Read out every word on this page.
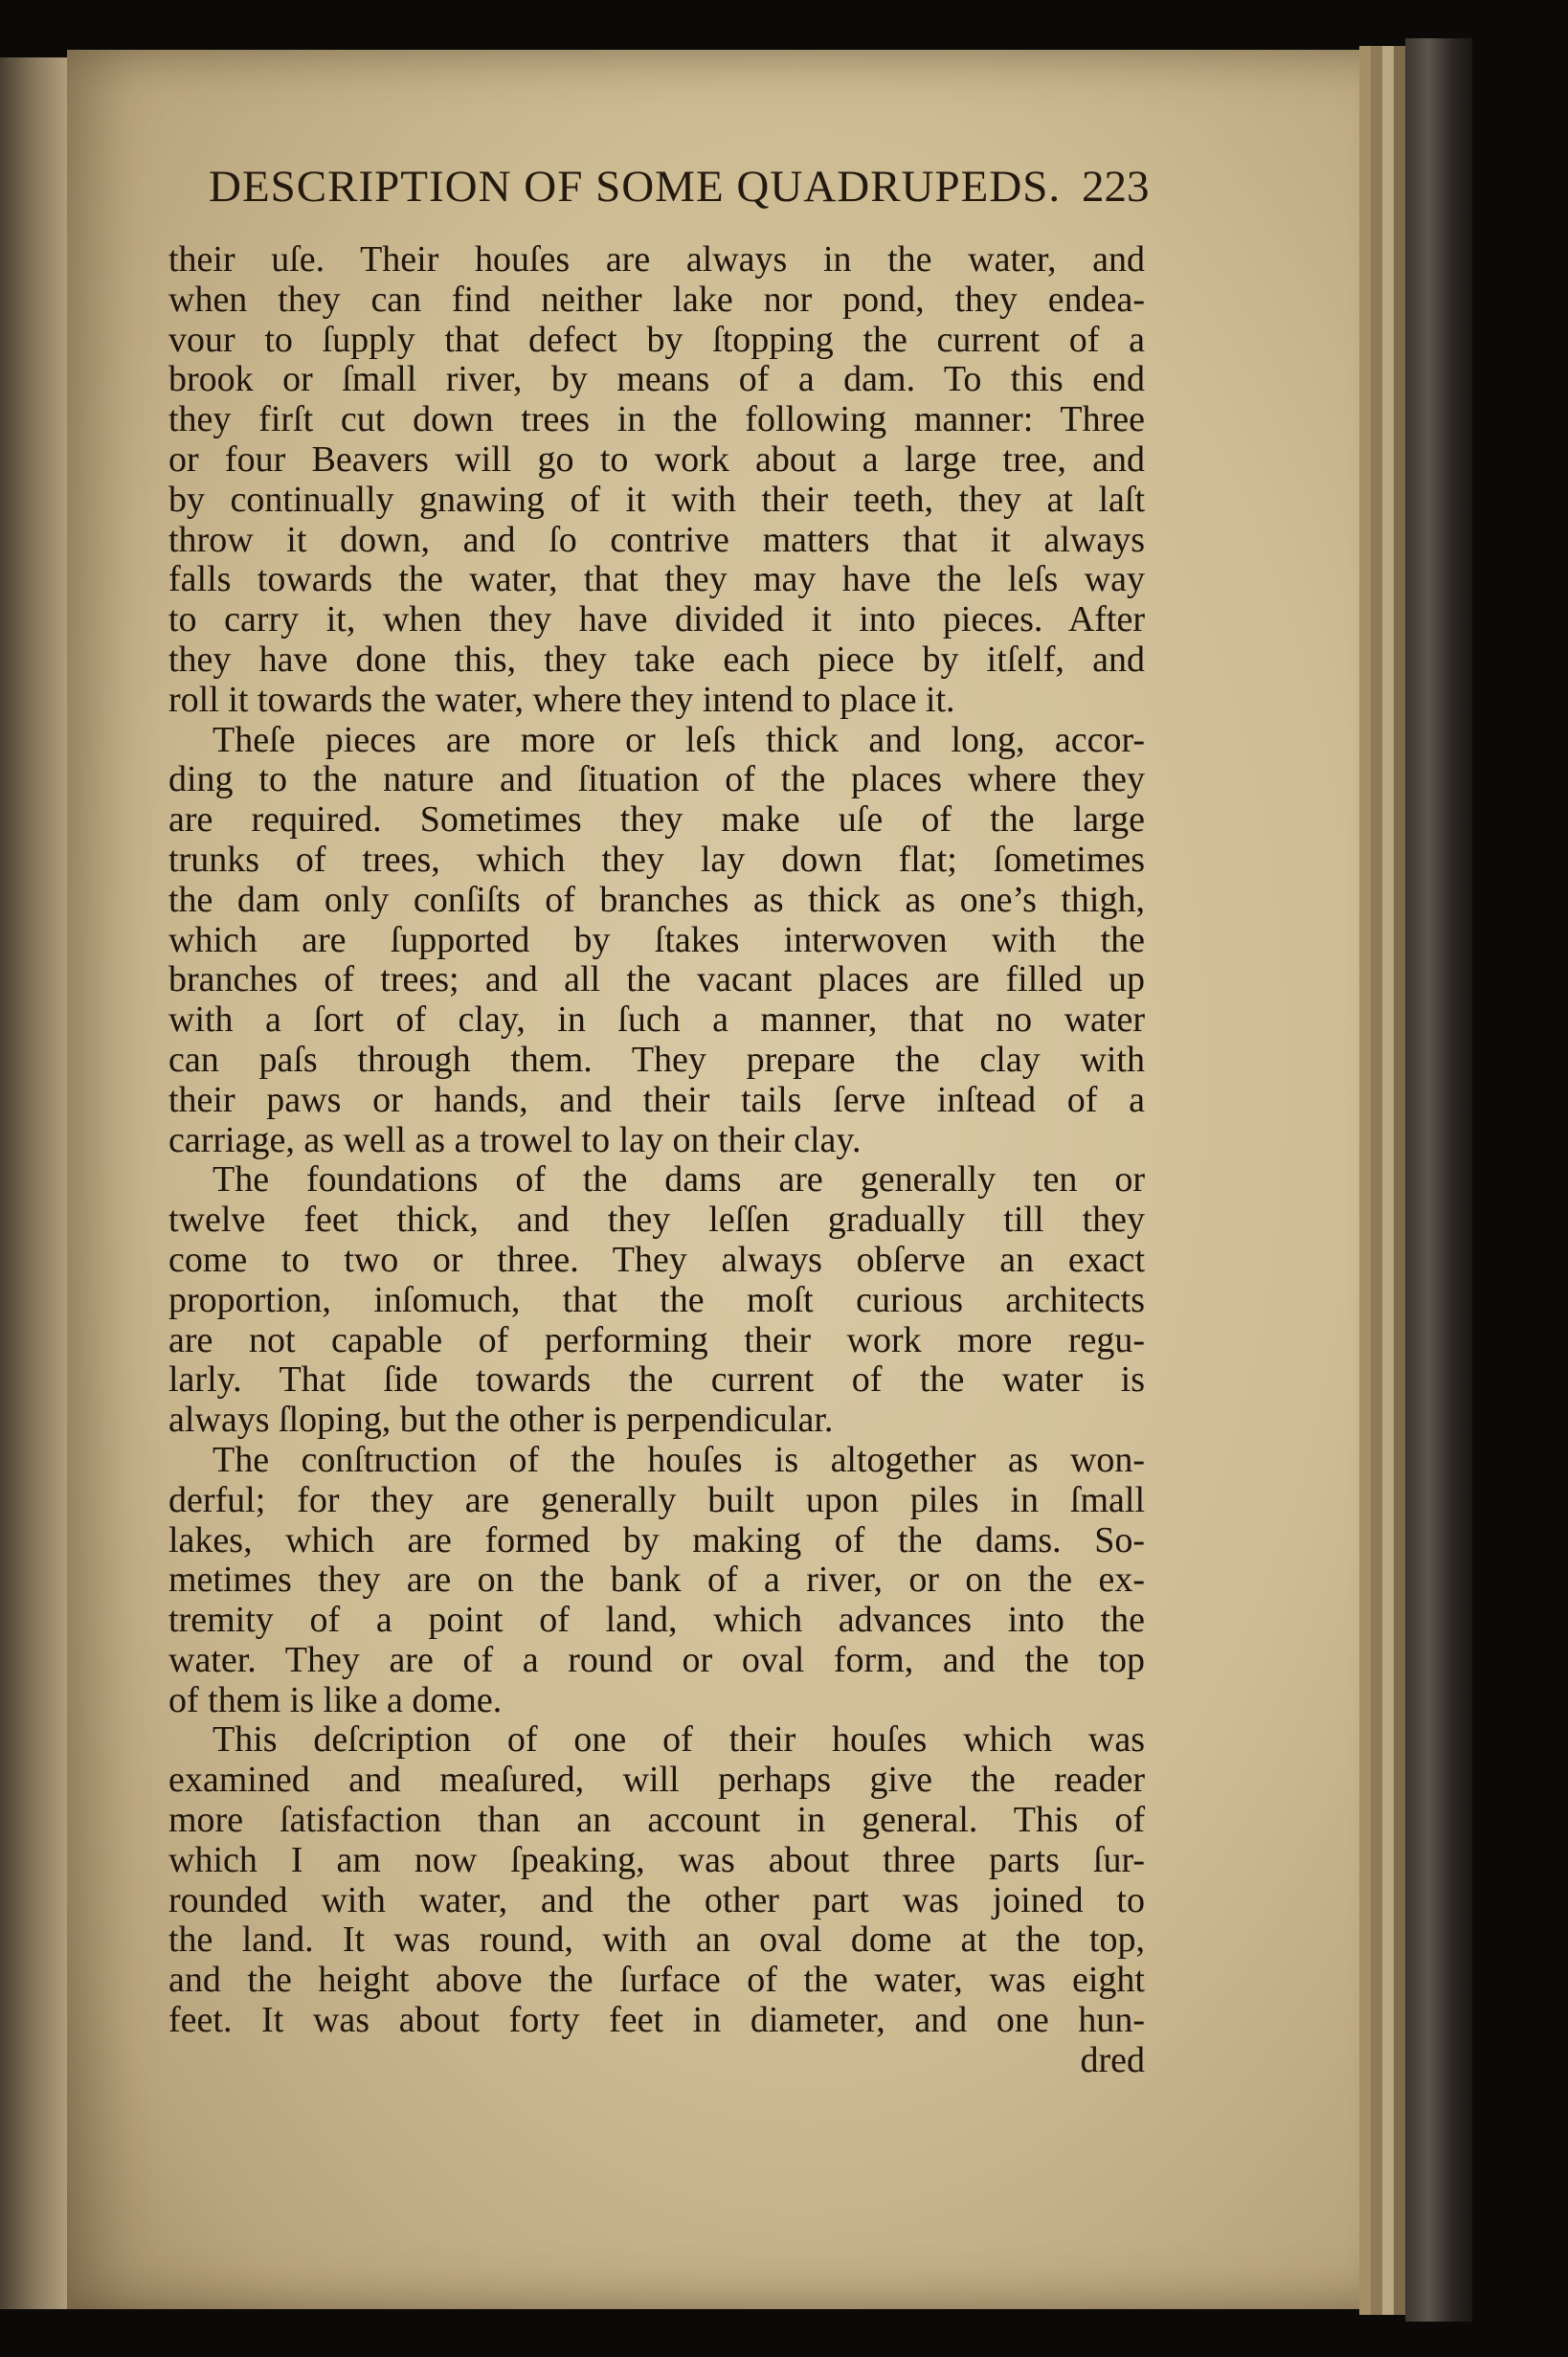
DESCRIPTION OF SOME QUADRUPEDS. 223
their uſe. Their houſes are always in the water, and
when they can find neither lake nor pond, they endea-
vour to ſupply that defect by ſtopping the current of a
brook or ſmall river, by means of a dam. To this end
they firſt cut down trees in the following manner: Three
or four Beavers will go to work about a large tree, and
by continually gnawing of it with their teeth, they at laſt
throw it down, and ſo contrive matters that it always
falls towards the water, that they may have the leſs way
to carry it, when they have divided it into pieces. After
they have done this, they take each piece by itſelf, and
roll it towards the water, where they intend to place it.
Theſe pieces are more or leſs thick and long, accor-
ding to the nature and ſituation of the places where they
are required. Sometimes they make uſe of the large
trunks of trees, which they lay down flat; ſometimes
the dam only conſiſts of branches as thick as one’s thigh,
which are ſupported by ſtakes interwoven with the
branches of trees; and all the vacant places are filled up
with a ſort of clay, in ſuch a manner, that no water
can paſs through them. They prepare the clay with
their paws or hands, and their tails ſerve inſtead of a
carriage, as well as a trowel to lay on their clay.
The foundations of the dams are generally ten or
twelve feet thick, and they leſſen gradually till they
come to two or three. They always obſerve an exact
proportion, inſomuch, that the moſt curious architects
are not capable of performing their work more regu-
larly. That ſide towards the current of the water is
always ſloping, but the other is perpendicular.
The conſtruction of the houſes is altogether as won-
derful; for they are generally built upon piles in ſmall
lakes, which are formed by making of the dams. So-
metimes they are on the bank of a river, or on the ex-
tremity of a point of land, which advances into the
water. They are of a round or oval form, and the top
of them is like a dome.
This deſcription of one of their houſes which was
examined and meaſured, will perhaps give the reader
more ſatisfaction than an account in general. This of
which I am now ſpeaking, was about three parts ſur-
rounded with water, and the other part was joined to
the land. It was round, with an oval dome at the top,
and the height above the ſurface of the water, was eight
feet. It was about forty feet in diameter, and one hun-
dred
